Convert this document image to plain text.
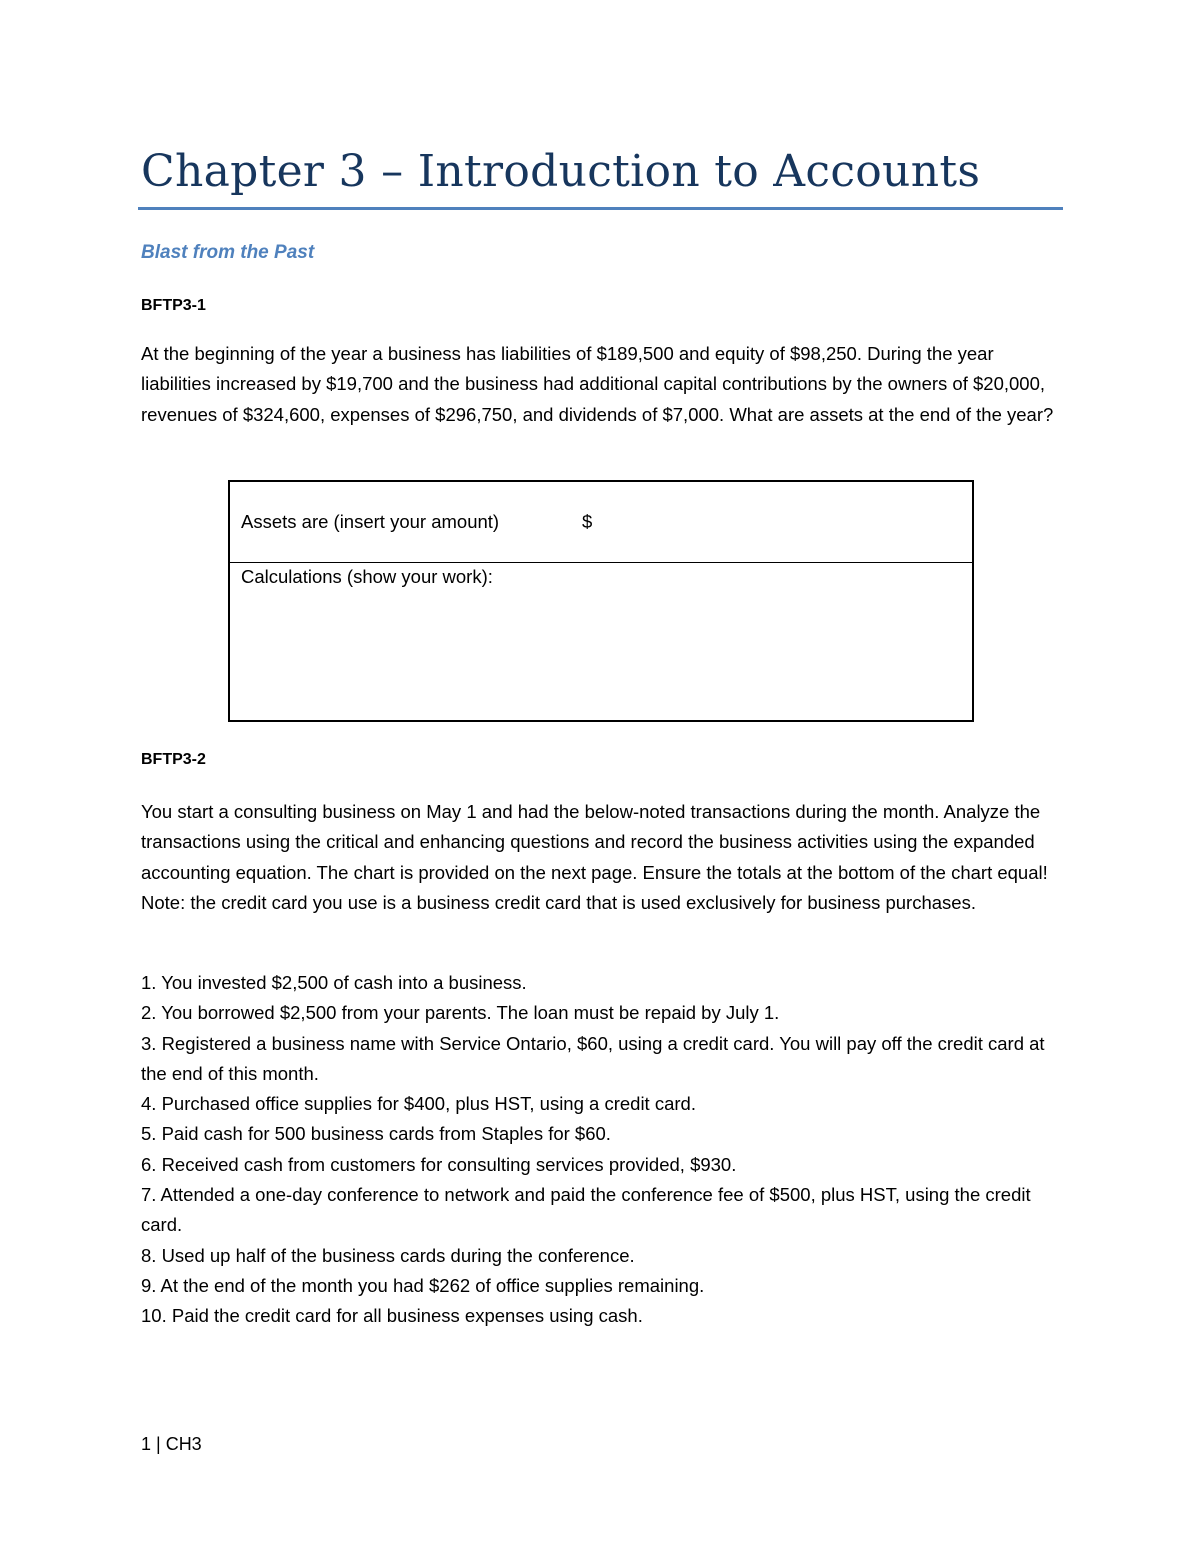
Chapter 3 – Introduction to Accounts
Blast from the Past
BFTP3-1
At the beginning of the year a business has liabilities of $189,500 and equity of $98,250. During the year liabilities increased by $19,700 and the business had additional capital contributions by the owners of $20,000, revenues of $324,600, expenses of $296,750, and dividends of $7,000. What are assets at the end of the year?
Assets are (insert your amount)	$
Calculations (show your work):
BFTP3-2
You start a consulting business on May 1 and had the below-noted transactions during the month. Analyze the transactions using the critical and enhancing questions and record the business activities using the expanded accounting equation. The chart is provided on the next page. Ensure the totals at the bottom of the chart equal! Note: the credit card you use is a business credit card that is used exclusively for business purchases.
1. You invested $2,500 of cash into a business.
2. You borrowed $2,500 from your parents. The loan must be repaid by July 1.
3. Registered a business name with Service Ontario, $60, using a credit card. You will pay off the credit card at the end of this month.
4. Purchased office supplies for $400, plus HST, using a credit card.
5. Paid cash for 500 business cards from Staples for $60.
6. Received cash from customers for consulting services provided, $930.
7. Attended a one-day conference to network and paid the conference fee of $500, plus HST, using the credit card.
8. Used up half of the business cards during the conference.
9. At the end of the month you had $262 of office supplies remaining.
10. Paid the credit card for all business expenses using cash.
1 | CH3
